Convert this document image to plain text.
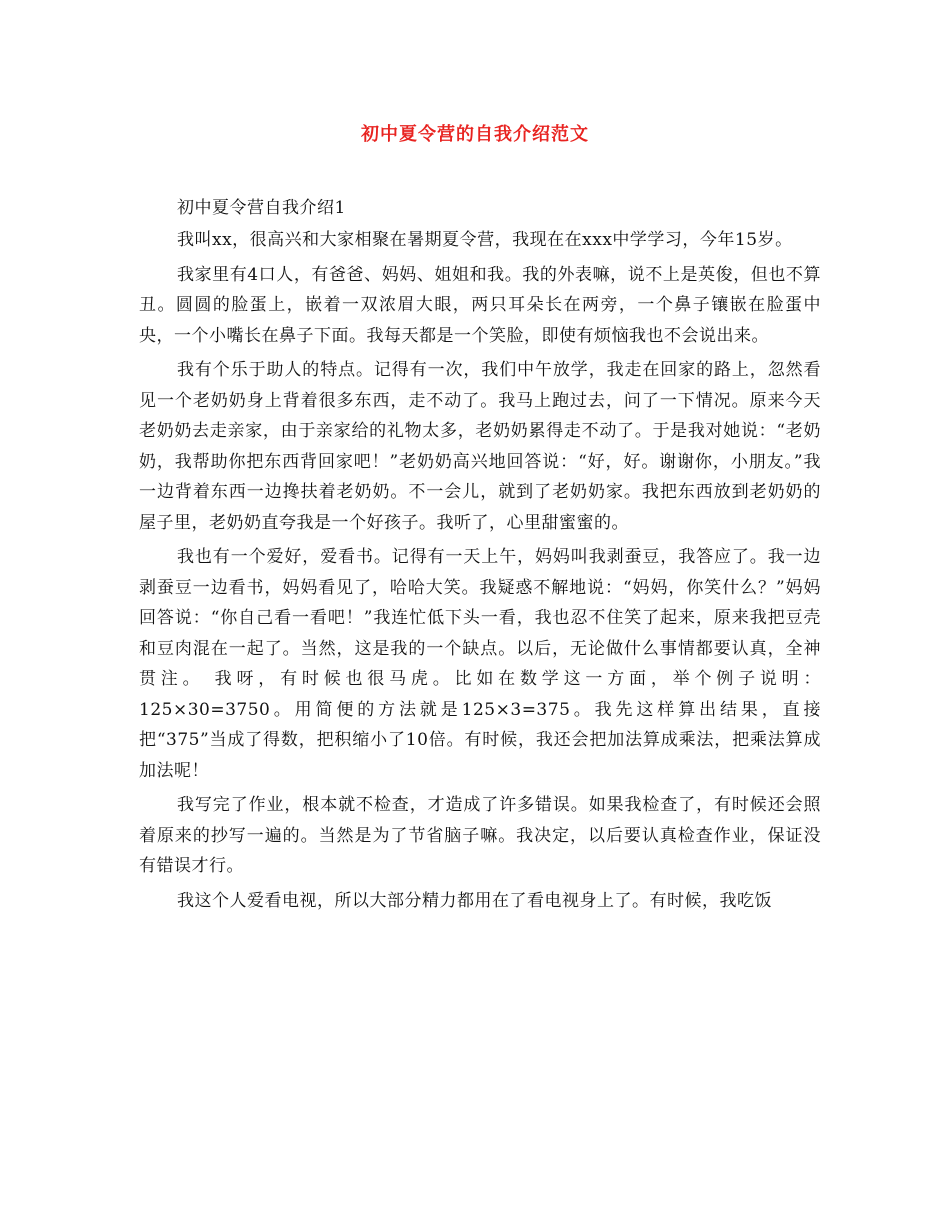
初中夏令营的自我介绍范文
初中夏令营自我介绍1

我叫xx，很高兴和大家相聚在暑期夏令营，我现在在xxx中学学习，今年15岁。

我家里有4口人，有爸爸、妈妈、姐姐和我。我的外表嘛，说不上是英俊，但也不算丑。圆圆的脸蛋上，嵌着一双浓眉大眼，两只耳朵长在两旁，一个鼻子镶嵌在脸蛋中央，一个小嘴长在鼻子下面。我每天都是一个笑脸，即使有烦恼我也不会说出来。

我有个乐于助人的特点。记得有一次，我们中午放学，我走在回家的路上，忽然看见一个老奶奶身上背着很多东西，走不动了。我马上跑过去，问了一下情况。原来今天老奶奶去走亲家，由于亲家给的礼物太多，老奶奶累得走不动了。于是我对她说：“老奶奶，我帮助你把东西背回家吧！”老奶奶高兴地回答说：“好，好。谢谢你，小朋友。”我一边背着东西一边搀扶着老奶奶。不一会儿，就到了老奶奶家。我把东西放到老奶奶的屋子里，老奶奶直夸我是一个好孩子。我听了，心里甜蜜蜜的。

我也有一个爱好，爱看书。记得有一天上午，妈妈叫我剥蚕豆，我答应了。我一边剥蚕豆一边看书，妈妈看见了，哈哈大笑。我疑惑不解地说：“妈妈，你笑什么？”妈妈回答说：“你自己看一看吧！”我连忙低下头一看，我也忍不住笑了起来，原来我把豆壳和豆肉混在一起了。当然，这是我的一个缺点。以后，无论做什么事情都要认真，全神贯注。 我呀，有时候也很马虎。比如在数学这一方面，举个例子说明：125×30=3750。用简便的方法就是125×3=375。我先这样算出结果，直接把“375”当成了得数，把积缩小了10倍。有时候，我还会把加法算成乘法，把乘法算成加法呢！

我写完了作业，根本就不检查，才造成了许多错误。如果我检查了，有时候还会照着原来的抄写一遍的。当然是为了节省脑子嘛。我决定，以后要认真检查作业，保证没有错误才行。

我这个人爱看电视，所以大部分精力都用在了看电视身上了。有时候，我吃饭
